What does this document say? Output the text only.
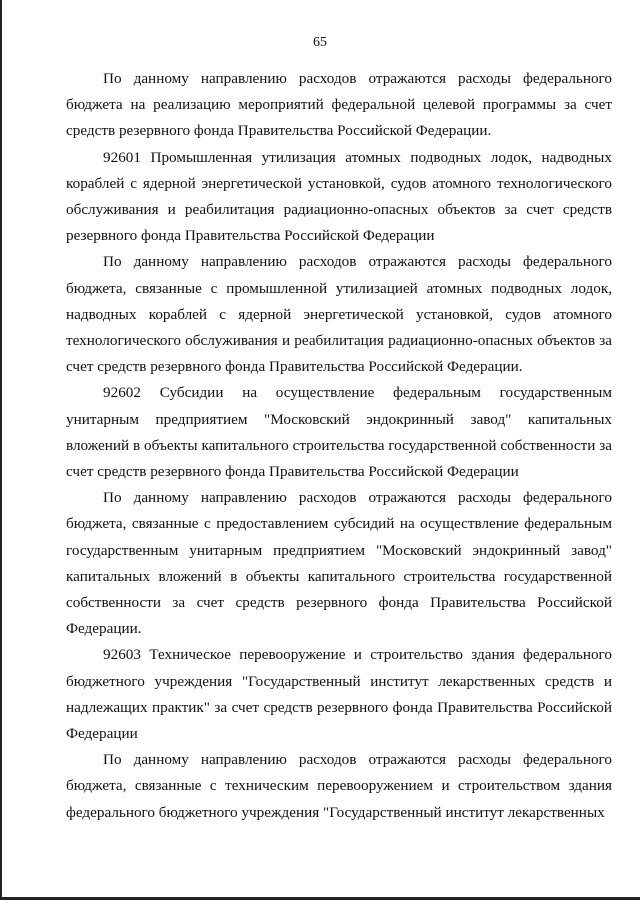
65

По данному направлению расходов отражаются расходы федерального бюджета на реализацию мероприятий федеральной целевой программы за счет средств резервного фонда Правительства Российской Федерации.

92601 Промышленная утилизация атомных подводных лодок, надводных кораблей с ядерной энергетической установкой, судов атомного технологического обслуживания и реабилитация радиационно-опасных объектов за счет средств резервного фонда Правительства Российской Федерации

По данному направлению расходов отражаются расходы федерального бюджета, связанные с промышленной утилизацией атомных подводных лодок, надводных кораблей с ядерной энергетической установкой, судов атомного технологического обслуживания и реабилитация радиационно-опасных объектов за счет средств резервного фонда Правительства Российской Федерации.

92602 Субсидии на осуществление федеральным государственным унитарным предприятием "Московский эндокринный завод" капитальных вложений в объекты капитального строительства государственной собственности за счет средств резервного фонда Правительства Российской Федерации

По данному направлению расходов отражаются расходы федерального бюджета, связанные с предоставлением субсидий на осуществление федеральным государственным унитарным предприятием "Московский эндокринный завод" капитальных вложений в объекты капитального строительства государственной собственности за счет средств резервного фонда Правительства Российской Федерации.

92603 Техническое перевооружение и строительство здания федерального бюджетного учреждения "Государственный институт лекарственных средств и надлежащих практик" за счет средств резервного фонда Правительства Российской Федерации

По данному направлению расходов отражаются расходы федерального бюджета, связанные с техническим перевооружением и строительством здания федерального бюджетного учреждения "Государственный институт лекарственных
